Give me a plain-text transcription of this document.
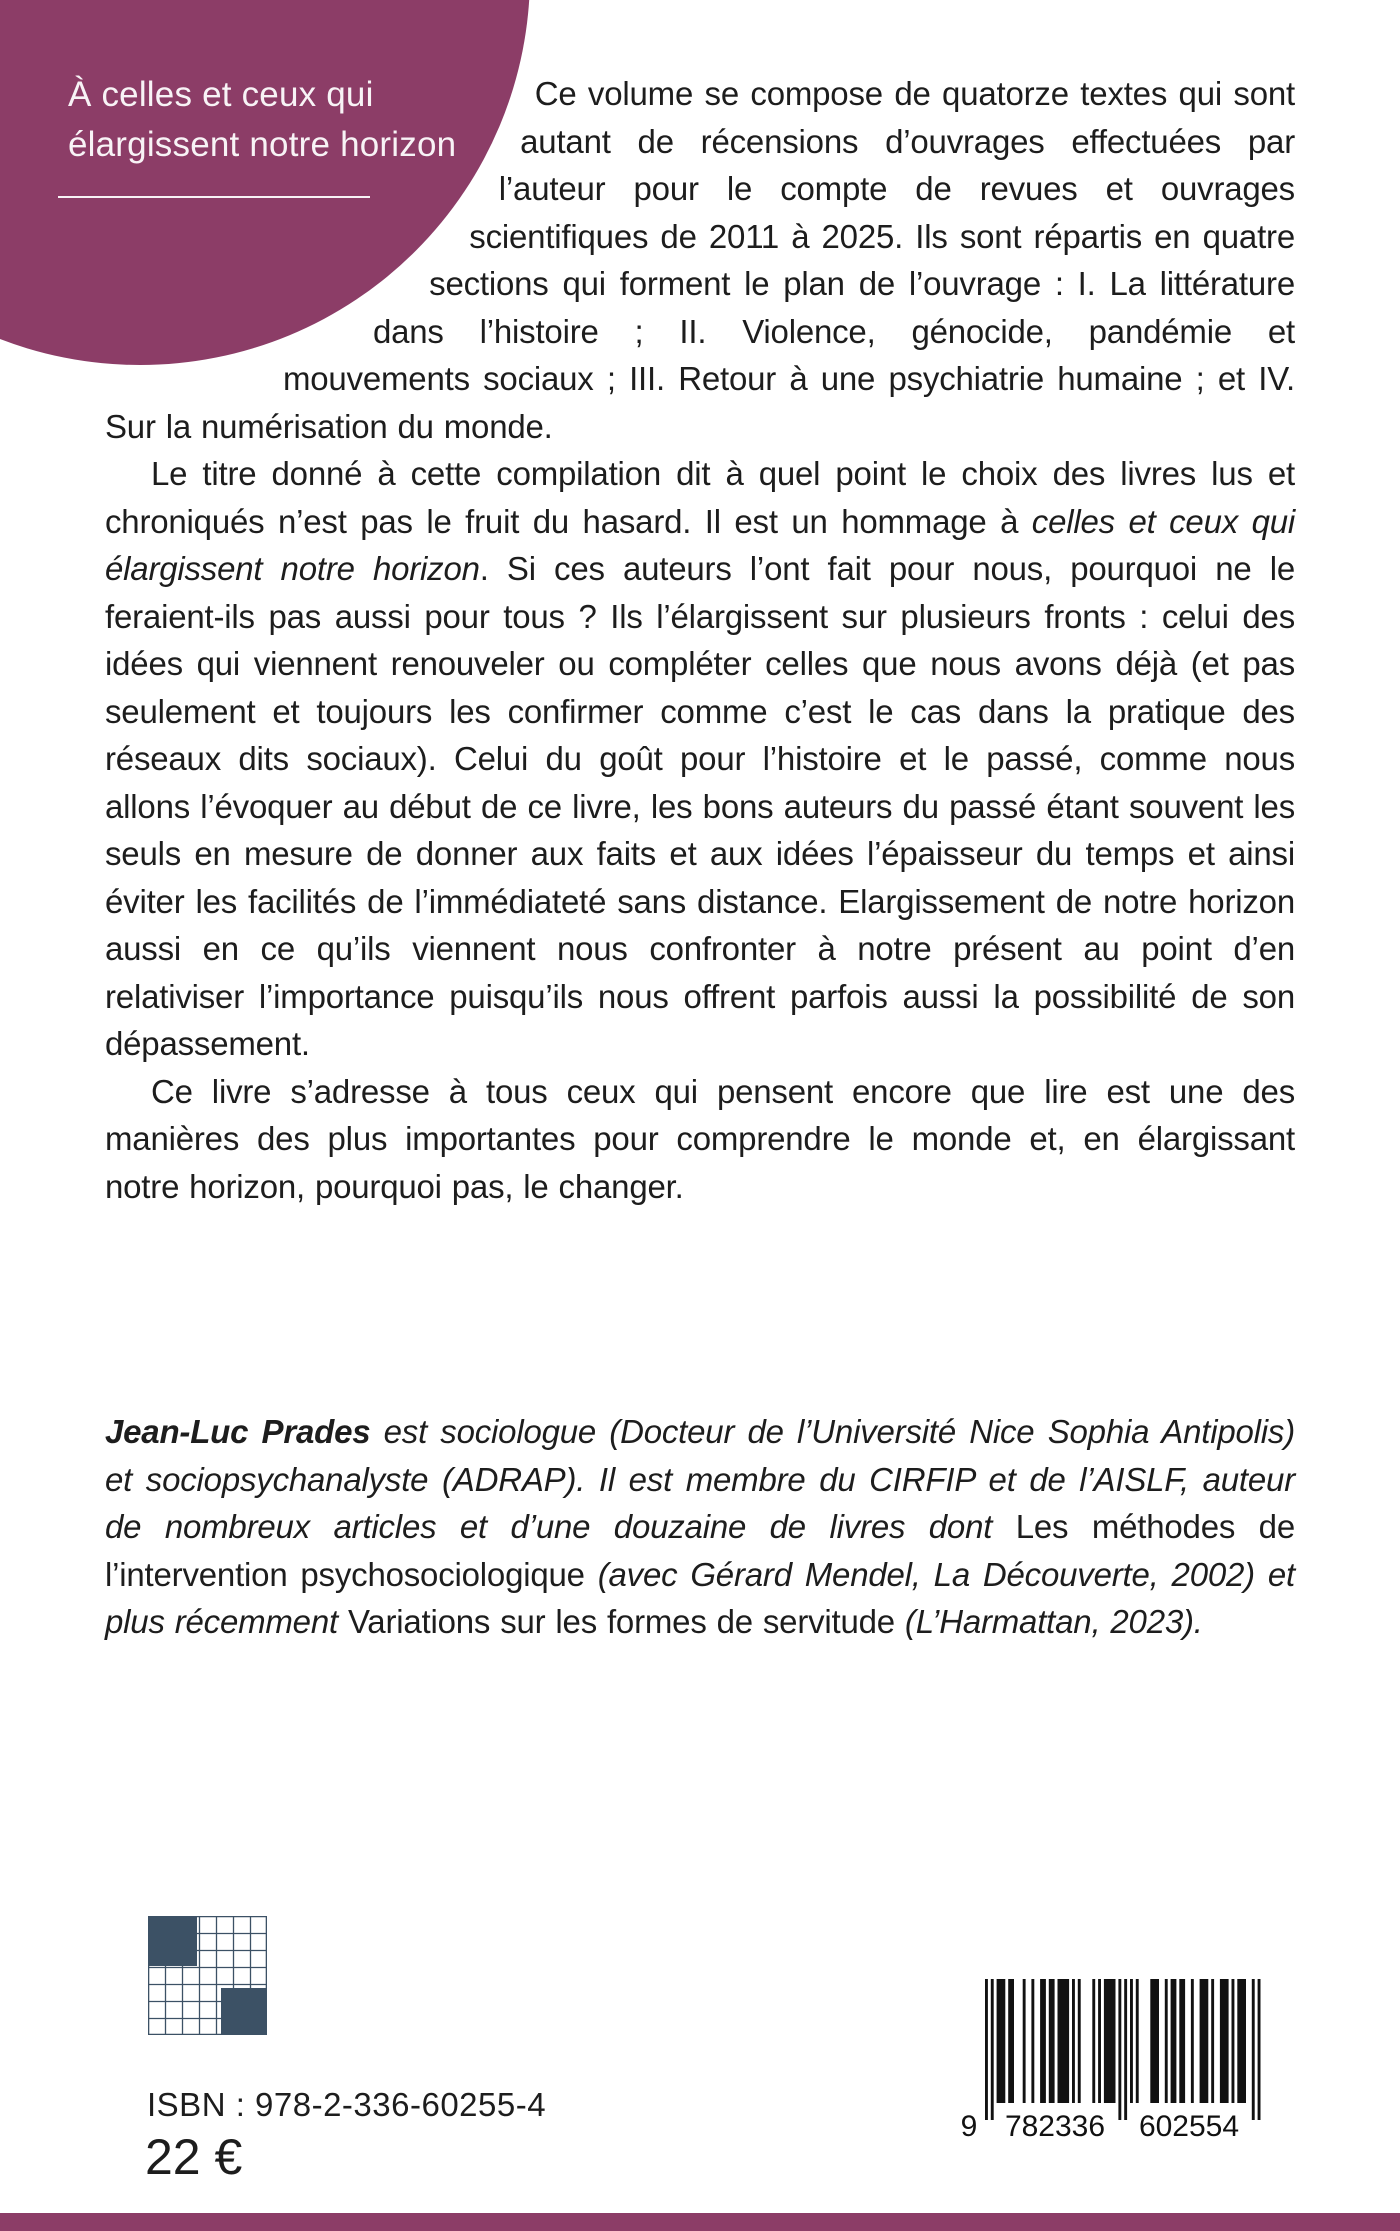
À celles et ceux qui
élargissent notre horizon

Ce volume se compose de quatorze textes qui sont autant de récensions d’ouvrages effectuées par l’auteur pour le compte de revues et ouvrages scientifiques de 2011 à 2025. Ils sont répartis en quatre sections qui forment le plan de l’ouvrage : I. La littérature dans l’histoire ; II. Violence, génocide, pandémie et mouvements sociaux ; III. Retour à une psychiatrie humaine ; et IV. Sur la numérisation du monde.

Le titre donné à cette compilation dit à quel point le choix des livres lus et chroniqués n’est pas le fruit du hasard. Il est un hommage à celles et ceux qui élargissent notre horizon. Si ces auteurs l’ont fait pour nous, pourquoi ne le feraient-ils pas aussi pour tous ? Ils l’élargissent sur plusieurs fronts : celui des idées qui viennent renouveler ou compléter celles que nous avons déjà (et pas seulement et toujours les confirmer comme c’est le cas dans la pratique des réseaux dits sociaux). Celui du goût pour l’histoire et le passé, comme nous allons l’évoquer au début de ce livre, les bons auteurs du passé étant souvent les seuls en mesure de donner aux faits et aux idées l’épaisseur du temps et ainsi éviter les facilités de l’immédiateté sans distance. Elargissement de notre horizon aussi en ce qu’ils viennent nous confronter à notre présent au point d’en relativiser l’importance puisqu’ils nous offrent parfois aussi la possibilité de son dépassement.

Ce livre s’adresse à tous ceux qui pensent encore que lire est une des manières des plus importantes pour comprendre le monde et, en élargissant notre horizon, pourquoi pas, le changer.

Jean-Luc Prades est sociologue (Docteur de l’Université Nice Sophia Antipolis) et sociopsychanalyste (ADRAP). Il est membre du CIRFIP et de l’AISLF, auteur de nombreux articles et d’une douzaine de livres dont Les méthodes de l’intervention psychosociologique (avec Gérard Mendel, La Découverte, 2002) et plus récemment Variations sur les formes de servitude (L’Harmattan, 2023).
ISBN : 978-2-336-60255-4
22 €
9 782336 602554
